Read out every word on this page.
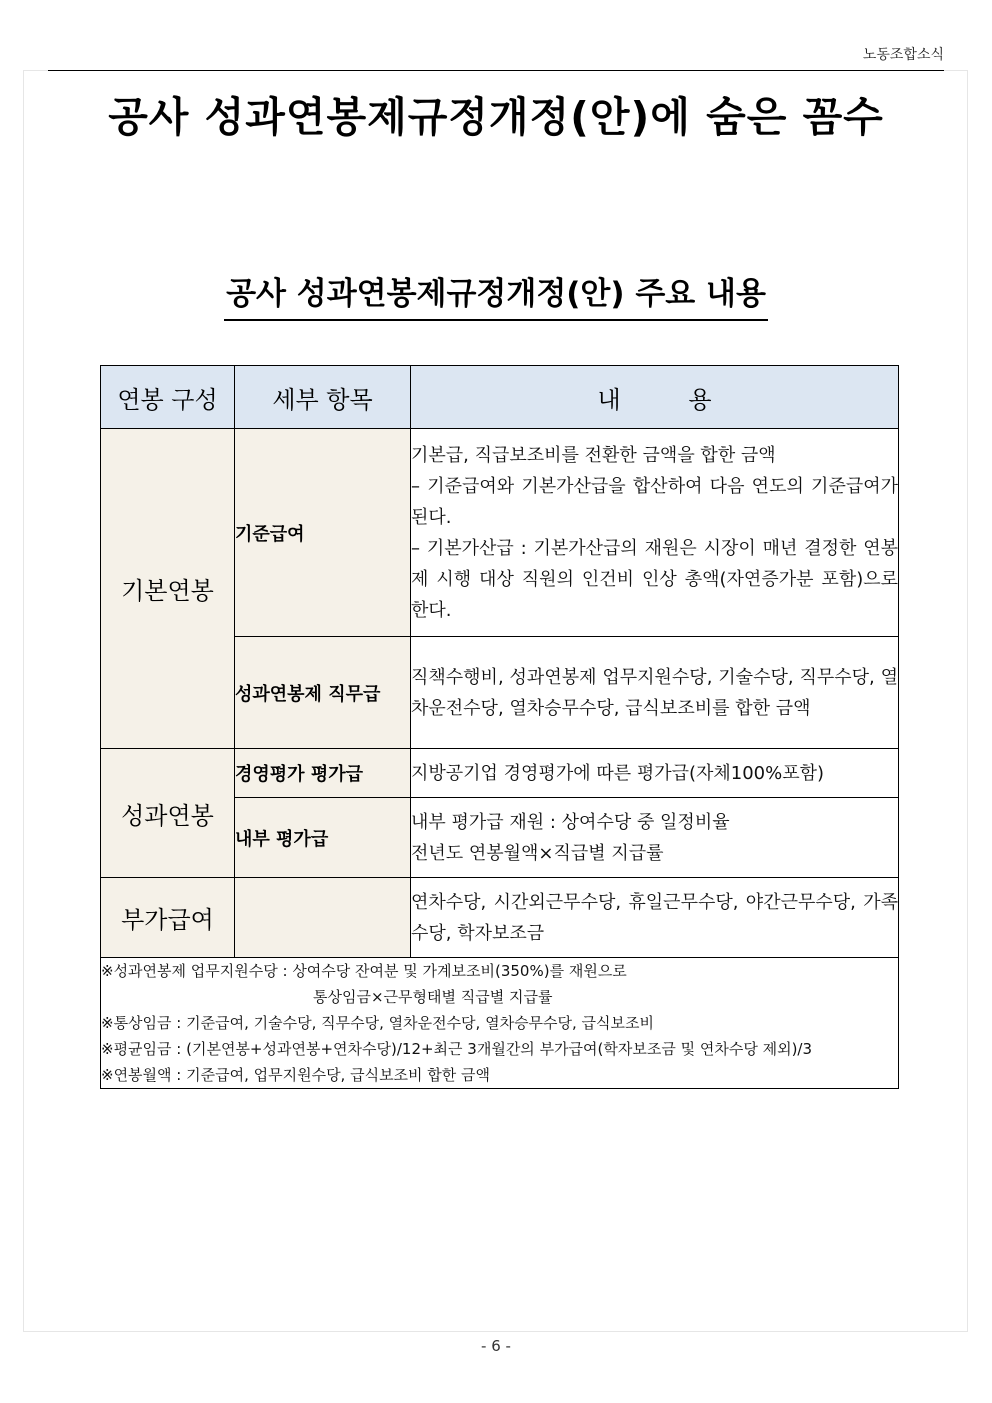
노동조합소식
공사 성과연봉제규정개정(안)에 숨은 꼼수
공사 성과연봉제규정개정(안) 주요 내용
연봉 구성	세부 항목	내 용
기본연봉	기준급여	기본급, 직급보조비를 전환한 금액을 합한 금액
– 기준급여와 기본가산급을 합산하여 다음 연도의 기준급여가 된다.
– 기본가산급 : 기본가산급의 재원은 시장이 매년 결정한 연봉제 시행 대상 직원의 인건비 인상 총액(자연증가분 포함)으로 한다.

	성과연봉제 직무급	직책수행비, 성과연봉제 업무지원수당, 기술수당, 직무수당, 열차운전수당, 열차승무수당, 급식보조비를 합한 금액

성과연봉	경영평가 평가급	지방공기업 경영평가에 따른 평가급(자체100%포함)

	내부 평가급	내부 평가급 재원 : 상여수당 중 일정비율
전년도 연봉월액×직급별 지급률

부가급여		연차수당, 시간외근무수당, 휴일근무수당, 야간근무수당, 가족수당, 학자보조금

※성과연봉제 업무지원수당 : 상여수당 잔여분 및 가계보조비(350%)를 재원으로
통상임금×근무형태별 직급별 지급률
※통상임금 : 기준급여, 기술수당, 직무수당, 열차운전수당, 열차승무수당, 급식보조비
※평균임금 : (기본연봉+성과연봉+연차수당)/12+최근 3개월간의 부가급여(학자보조금 및 연차수당 제외)/3
※연봉월액 : 기준급여, 업무지원수당, 급식보조비 합한 금액		
- 6 -
